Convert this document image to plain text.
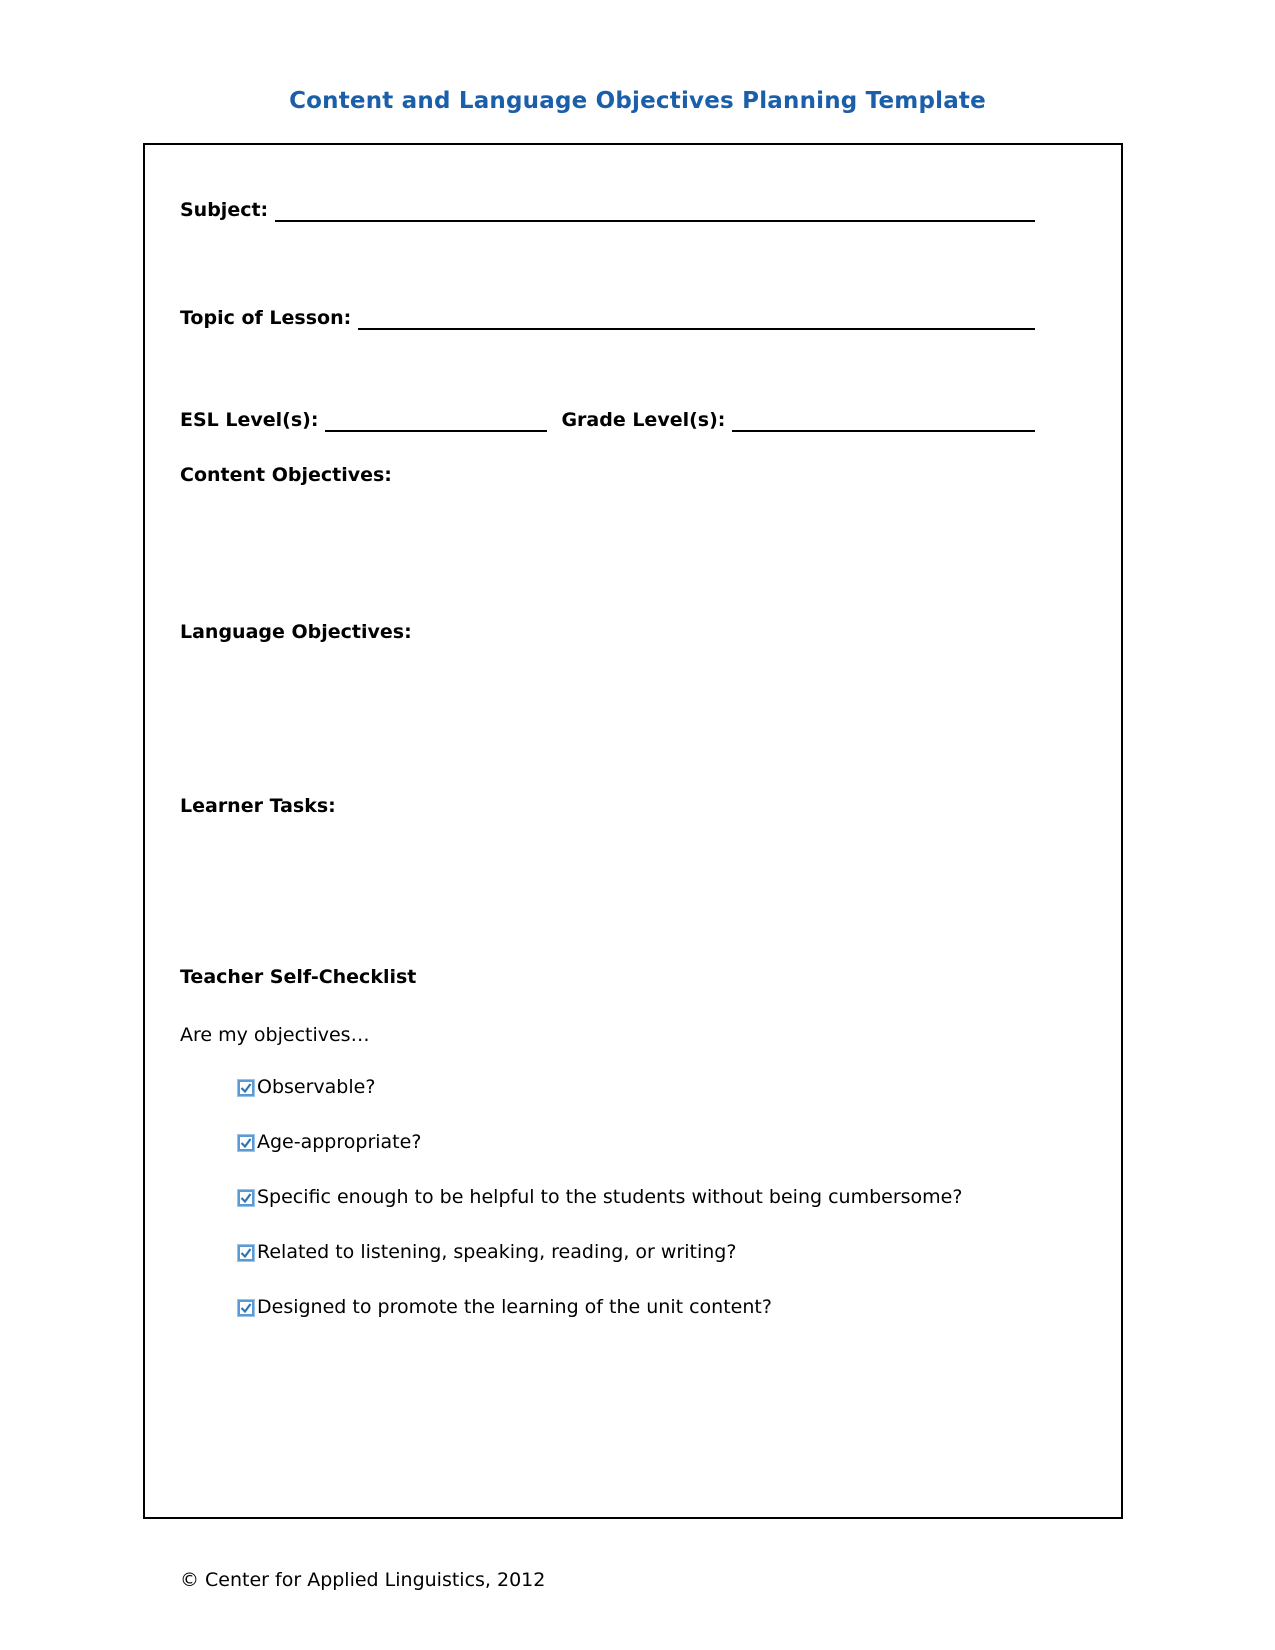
Content and Language Objectives Planning Template
Subject:
Topic of Lesson:
ESL Level(s):	Grade Level(s):
Content Objectives:
Language Objectives:
Learner Tasks:
Teacher Self-Checklist
Are my objectives…
Observable?
Age-appropriate?
Specific enough to be helpful to the students without being cumbersome?
Related to listening, speaking, reading, or writing?
Designed to promote the learning of the unit content?
© Center for Applied Linguistics, 2012
